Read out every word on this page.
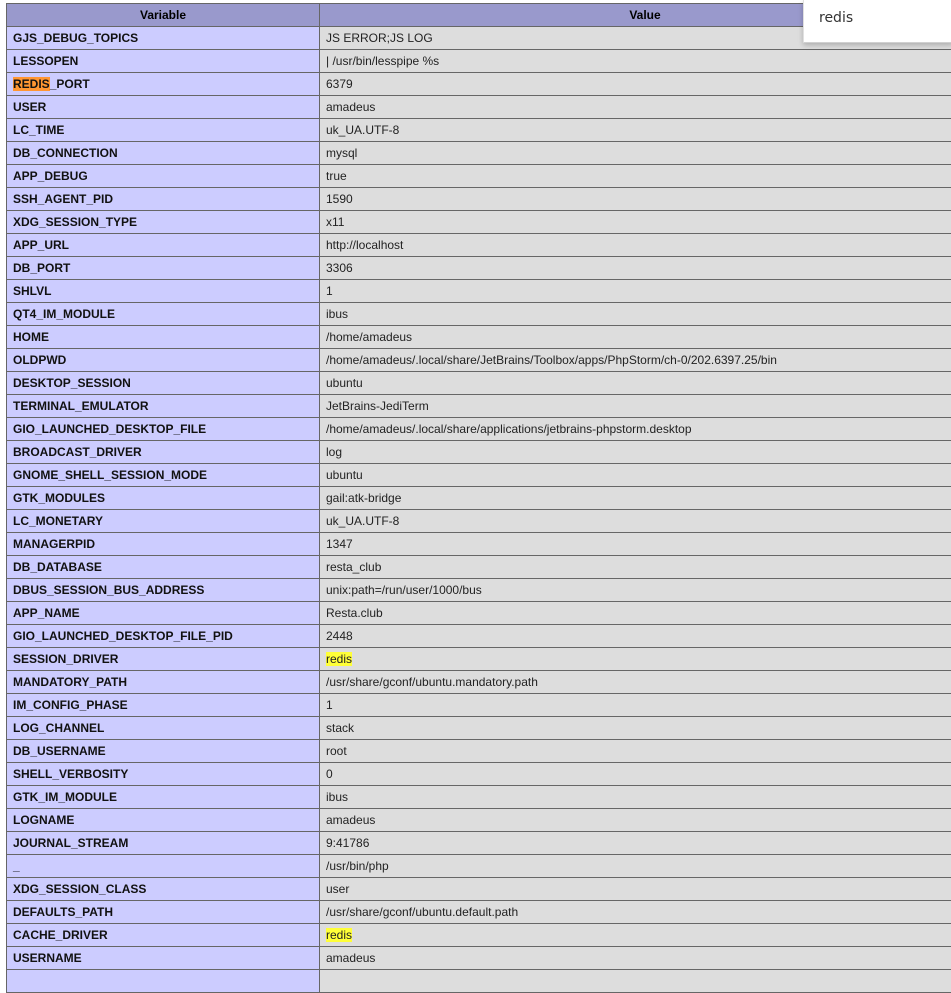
Variable	Value
GJS_DEBUG_TOPICS	JS ERROR;JS LOG
LESSOPEN	| /usr/bin/lesspipe %s
REDIS_PORT	6379
USER	amadeus
LC_TIME	uk_UA.UTF-8
DB_CONNECTION	mysql
APP_DEBUG	true
SSH_AGENT_PID	1590
XDG_SESSION_TYPE	x11
APP_URL	http://localhost
DB_PORT	3306
SHLVL	1
QT4_IM_MODULE	ibus
HOME	/home/amadeus
OLDPWD	/home/amadeus/.local/share/JetBrains/Toolbox/apps/PhpStorm/ch-0/202.6397.25/bin
DESKTOP_SESSION	ubuntu
TERMINAL_EMULATOR	JetBrains-JediTerm
GIO_LAUNCHED_DESKTOP_FILE	/home/amadeus/.local/share/applications/jetbrains-phpstorm.desktop
BROADCAST_DRIVER	log
GNOME_SHELL_SESSION_MODE	ubuntu
GTK_MODULES	gail:atk-bridge
LC_MONETARY	uk_UA.UTF-8
MANAGERPID	1347
DB_DATABASE	resta_club
DBUS_SESSION_BUS_ADDRESS	unix:path=/run/user/1000/bus
APP_NAME	Resta.club
GIO_LAUNCHED_DESKTOP_FILE_PID	2448
SESSION_DRIVER	redis
MANDATORY_PATH	/usr/share/gconf/ubuntu.mandatory.path
IM_CONFIG_PHASE	1
LOG_CHANNEL	stack
DB_USERNAME	root
SHELL_VERBOSITY	0
GTK_IM_MODULE	ibus
LOGNAME	amadeus
JOURNAL_STREAM	9:41786
_	/usr/bin/php
XDG_SESSION_CLASS	user
DEFAULTS_PATH	/usr/share/gconf/ubuntu.default.path
CACHE_DRIVER	redis
USERNAME	amadeus

redis
